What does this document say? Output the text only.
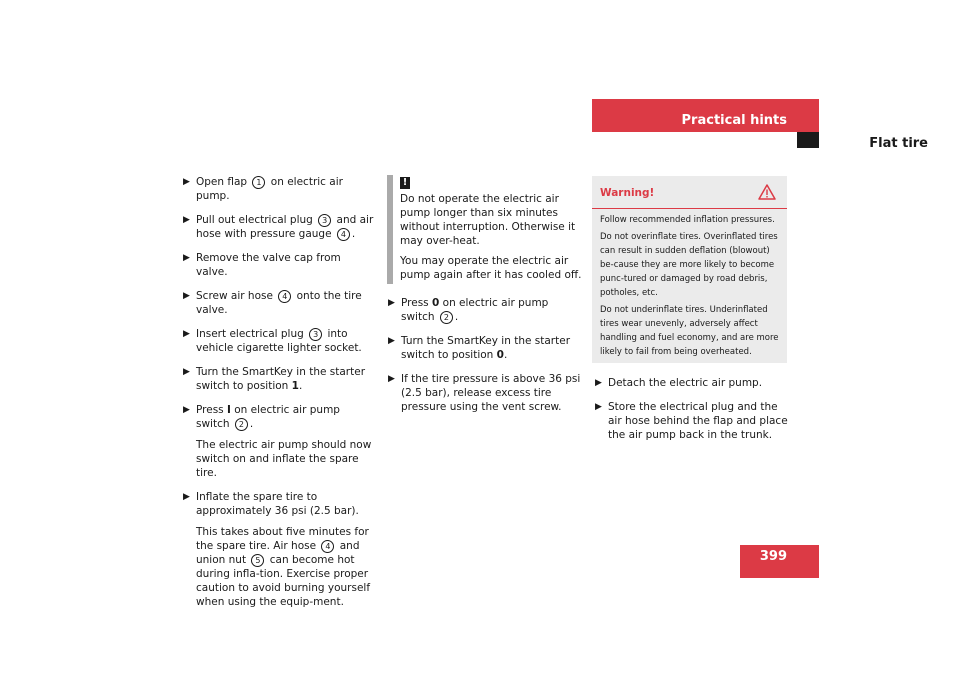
Practical hints
Flat tire
▶ Open flap 1 on electric air pump.
▶ Pull out electrical plug 3 and air hose with pressure gauge 4 .
▶ Remove the valve cap from valve.
▶ Screw air hose 4 onto the tire valve.
▶ Insert electrical plug 3 into vehicle cigarette lighter socket.
▶ Turn the SmartKey in the starter switch to position 1.
▶ Press I on electric air pump switch 2 .
The electric air pump should now switch on and inflate the spare tire.
▶ Inflate the spare tire to approximately 36 psi (2.5 bar).
This takes about five minutes for the spare tire. Air hose 4 and union nut 5 can become hot during infla-tion. Exercise proper caution to avoid burning yourself when using the equip-ment.
!

Do not operate the electric air pump longer than six minutes without interruption. Otherwise it may over-heat.

You may operate the electric air pump again after it has cooled off.

▶ Press 0 on electric air pump switch 2 .
▶ Turn the SmartKey in the starter switch to position 0.
▶ If the tire pressure is above 36 psi (2.5 bar), release excess tire pressure using the vent screw.
Warning!

Follow recommended inflation pressures.

Do not overinflate tires. Overinflated tires can result in sudden deflation (blowout) be-cause they are more likely to become punc-tured or damaged by road debris, potholes, etc.

Do not underinflate tires. Underinflated tires wear unevenly, adversely affect handling and fuel economy, and are more likely to fail from being overheated.

▶ Detach the electric air pump.
▶ Store the electrical plug and the air hose behind the flap and place the air pump back in the trunk.
399
